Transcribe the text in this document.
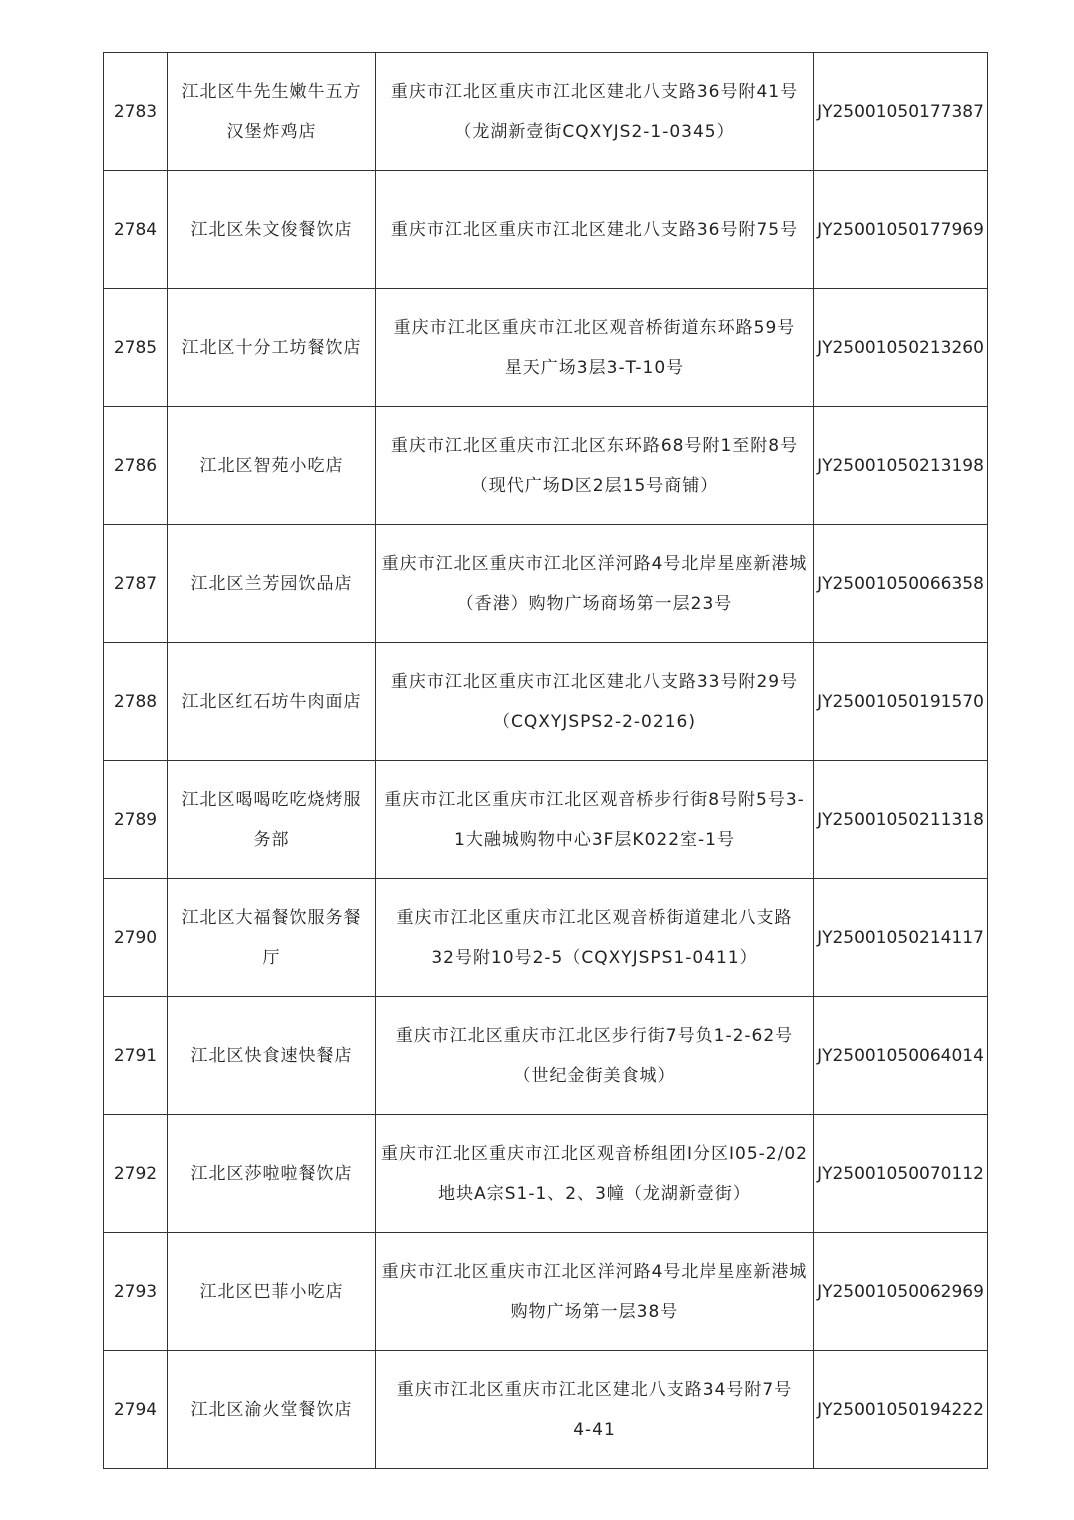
2783	江北区牛先生嫩牛五方汉堡炸鸡店	重庆市江北区重庆市江北区建北八支路36号附41号（龙湖新壹街CQXYJS2-1-0345）	JY25001050177387
2784	江北区朱文俊餐饮店	重庆市江北区重庆市江北区建北八支路36号附75号	JY25001050177969
2785	江北区十分工坊餐饮店	重庆市江北区重庆市江北区观音桥街道东环路59号星天广场3层3-T-10号	JY25001050213260
2786	江北区智苑小吃店	重庆市江北区重庆市江北区东环路68号附1至附8号（现代广场D区2层15号商铺）	JY25001050213198
2787	江北区兰芳园饮品店	重庆市江北区重庆市江北区洋河路4号北岸星座新港城（香港）购物广场商场第一层23号	JY25001050066358
2788	江北区红石坊牛肉面店	重庆市江北区重庆市江北区建北八支路33号附29号（CQXYJSPS2-2-0216)	JY25001050191570
2789	江北区喝喝吃吃烧烤服务部	重庆市江北区重庆市江北区观音桥步行街8号附5号3-1大融城购物中心3F层K022室-1号	JY25001050211318
2790	江北区大福餐饮服务餐厅	重庆市江北区重庆市江北区观音桥街道建北八支路32号附10号2-5（CQXYJSPS1-0411）	JY25001050214117
2791	江北区快食速快餐店	重庆市江北区重庆市江北区步行街7号负1-2-62号（世纪金街美食城）	JY25001050064014
2792	江北区莎啦啦餐饮店	重庆市江北区重庆市江北区观音桥组团I分区I05-2/02地块A宗S1-1、2、3幢（龙湖新壹街）	JY25001050070112
2793	江北区巴菲小吃店	重庆市江北区重庆市江北区洋河路4号北岸星座新港城购物广场第一层38号	JY25001050062969
2794	江北区渝火堂餐饮店	重庆市江北区重庆市江北区建北八支路34号附7号4-41	JY25001050194222
